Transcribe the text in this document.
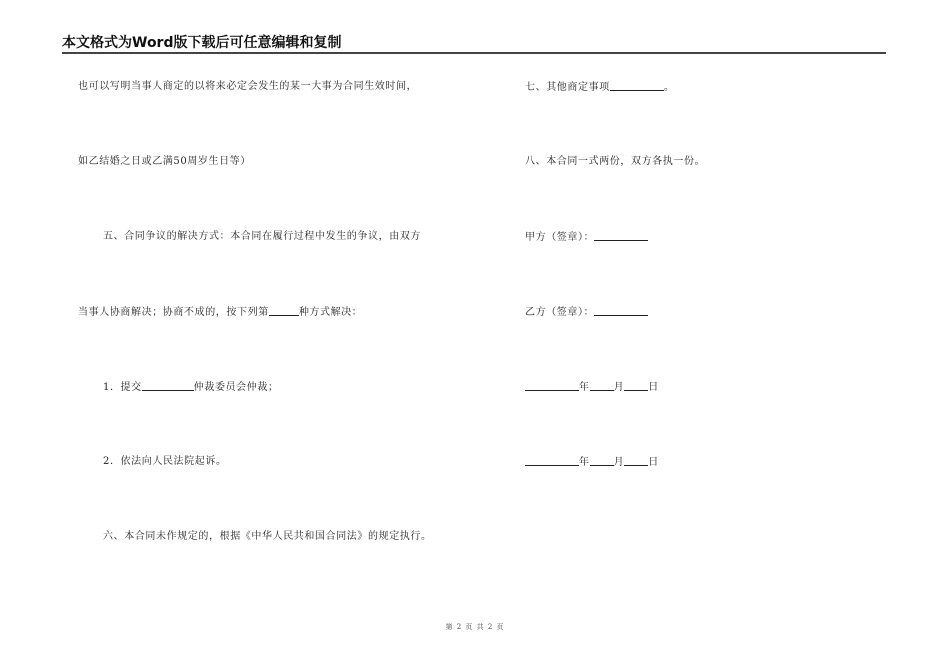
本文格式为Word版下载后可任意编辑和复制
也可以写明当事人商定的以将来必定会发生的某一大事为合同生效时间，
如乙结婚之日或乙满50周岁生日等）
五、合同争议的解决方式：本合同在履行过程中发生的争议，由双方
当事人协商解决；协商不成的，按下列第	种方式解决：
1．提交	仲裁委员会仲裁；
2．依法向人民法院起诉。
六、本合同未作规定的，根据《中华人民共和国合同法》的规定执行。
七、其他商定事项	。
八、本合同一式两份，双方各执一份。
甲方（签章）：
乙方（签章）：
年 月 日
年 月 日
第 2 页 共 2 页
